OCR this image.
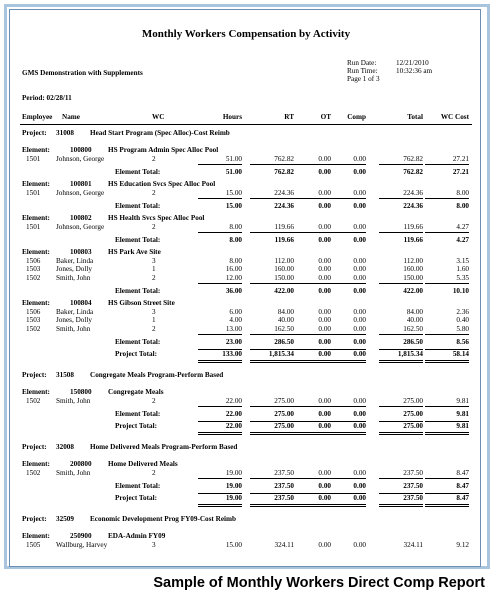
Monthly Workers Compensation by Activity
GMS Demonstration with Supplements
Run Date:	12/21/2010
Run Time:	10:32:36 am
Page 1 of 3
Period: 02/28/11
Employee Name	WC	Hours	RT	OT	Comp	Total	WC Cost
Project: 31008 Head Start Program (Spec Alloc)-Cost Reimb
Element:	100800 HS Program Admin Spec Alloc Pool
1501 Johnson, George	2	51.00	762.82	0.00	0.00	762.82	27.21
Element Total:	51.00	762.82	0.00	0.00	762.82	27.21
Element:	100801 HS Education Svcs Spec Alloc Pool
1501 Johnson, George	2	15.00	224.36	0.00	0.00	224.36	8.00
Element Total:	15.00	224.36	0.00	0.00	224.36	8.00
Element:	100802 HS Health Svcs Spec Alloc Pool
1501 Johnson, George	2	8.00	119.66	0.00	0.00	119.66	4.27
Element Total:	8.00	119.66	0.00	0.00	119.66	4.27
Element:	100803 HS Park Ave Site
1506 Baker, Linda	3	8.00	112.00	0.00	0.00	112.00	3.15
1503 Jones, Dolly	1	16.00	160.00	0.00	0.00	160.00	1.60
1502 Smith, John	2	12.00	150.00	0.00	0.00	150.00	5.35
Element Total:	36.00	422.00	0.00	0.00	422.00	10.10
Element:	100804 HS Gibson Street Site
1506 Baker, Linda	3	6.00	84.00	0.00	0.00	84.00	2.36
1503 Jones, Dolly	1	4.00	40.00	0.00	0.00	40.00	0.40
1502 Smith, John	2	13.00	162.50	0.00	0.00	162.50	5.80
Element Total:	23.00	286.50	0.00	0.00	286.50	8.56
Project Total:	133.00	1,815.34	0.00	0.00	1,815.34	58.14
Project: 31508 Congregate Meals Program-Perform Based
Element:	150800 Congregate Meals
1502 Smith, John	2	22.00	275.00	0.00	0.00	275.00	9.81
Element Total:	22.00	275.00	0.00	0.00	275.00	9.81
Project Total:	22.00	275.00	0.00	0.00	275.00	9.81
Project: 32008 Home Delivered Meals Program-Perform Based
Element:	200800 Home Delivered Meals
1502 Smith, John	2	19.00	237.50	0.00	0.00	237.50	8.47
Element Total:	19.00	237.50	0.00	0.00	237.50	8.47
Project Total:	19.00	237.50	0.00	0.00	237.50	8.47
Project: 32509 Economic Development Prog FY09-Cost Reimb
Element:	250900 EDA-Admin FY09
1505 Wallburg, Harvey	3	15.00	324.11	0.00	0.00	324.11	9.12
Sample of Monthly Workers Direct Comp Report
